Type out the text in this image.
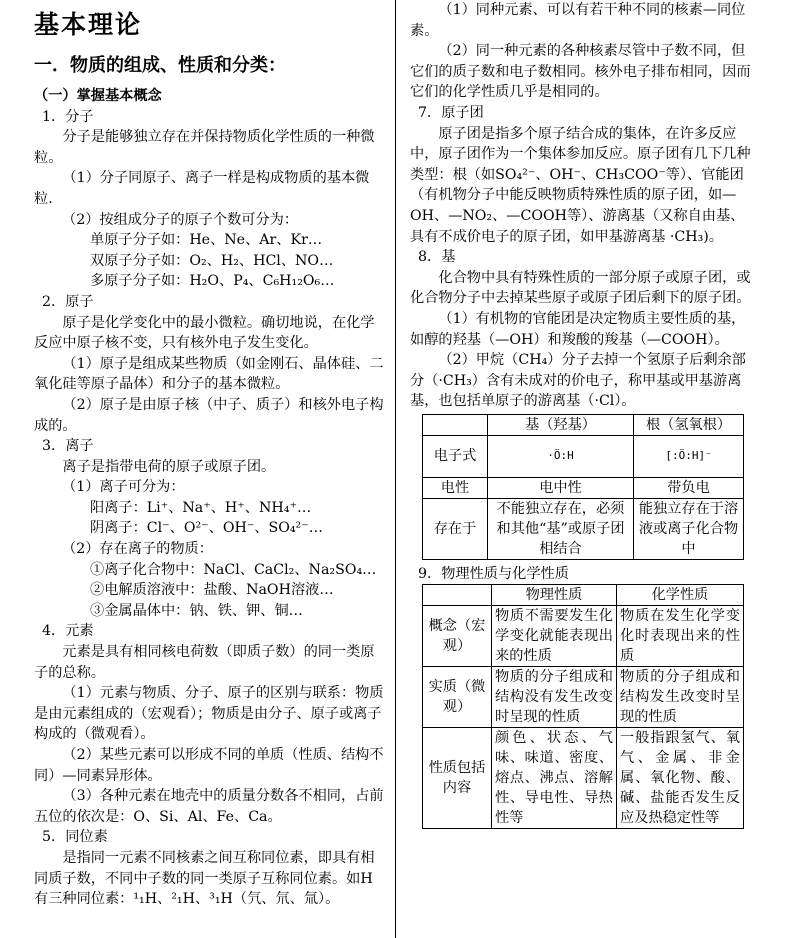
基本理论
一．物质的组成、性质和分类：

（一）掌握基本概念

1．分子

分子是能够独立存在并保持物质化学性质的一种微粒。

（1）分子同原子、离子一样是构成物质的基本微粒.

（2）按组成分子的原子个数可分为：

单原子分子如：He、Ne、Ar、Kr…

双原子分子如：O₂、H₂、HCl、NO…

多原子分子如：H₂O、P₄、C₆H₁₂O₆…

2．原子

原子是化学变化中的最小微粒。确切地说，在化学反应中原子核不变，只有核外电子发生变化。

（1）原子是组成某些物质（如金刚石、晶体硅、二氧化硅等原子晶体）和分子的基本微粒。

（2）原子是由原子核（中子、质子）和核外电子构成的。

3．离子

离子是指带电荷的原子或原子团。

（1）离子可分为：

阳离子：Li⁺、Na⁺、H⁺、NH₄⁺…

阴离子：Cl⁻、O²⁻、OH⁻、SO₄²⁻…

（2）存在离子的物质：

①离子化合物中：NaCl、CaCl₂、Na₂SO₄…

②电解质溶液中：盐酸、NaOH溶液…

③金属晶体中：钠、铁、钾、铜…

4．元素

元素是具有相同核电荷数（即质子数）的同一类原子的总称。

（1）元素与物质、分子、原子的区别与联系：物质是由元素组成的（宏观看）；物质是由分子、原子或离子构成的（微观看）。

（2）某些元素可以形成不同的单质（性质、结构不同）—同素异形体。

（3）各种元素在地壳中的质量分数各不相同，占前五位的依次是：O、Si、Al、Fe、Ca。

5．同位素

是指同一元素不同核素之间互称同位素，即具有相同质子数，不同中子数的同一类原子互称同位素。如H有三种同位素：¹₁H、²₁H、³₁H（氕、氘、氚）。

（1）同种元素、可以有若干种不同的核素—同位素。

（2）同一种元素的各种核素尽管中子数不同，但它们的质子数和电子数相同。核外电子排布相同，因而它们的化学性质几乎是相同的。

7．原子团

原子团是指多个原子结合成的集体，在许多反应中，原子团作为一个集体参加反应。原子团有几下几种类型：根（如SO₄²⁻、OH⁻、CH₃COO⁻等）、官能团（有机物分子中能反映物质特殊性质的原子团，如—OH、—NO₂、—COOH等）、游离基（又称自由基、具有不成价电子的原子团，如甲基游离基 ·CH₃)。

8．基

化合物中具有特殊性质的一部分原子或原子团，或化合物分子中去掉某些原子或原子团后剩下的原子团。

（1）有机物的官能团是决定物质主要性质的基，如醇的羟基（—OH）和羧酸的羧基（—COOH）。

（2）甲烷（CH₄）分子去掉一个氢原子后剩余部分（·CH₃）含有未成对的价电子，称甲基或甲基游离基，也包括单原子的游离基（·Cl）。

	基（羟基）	根（氢氧根）
电子式	·Ö:H	[:Ö:H]⁻
电性	电中性	带负电
存在于	不能独立存在，必须和其他“基”或原子团相结合	能独立存在于溶液或离子化合物中

9．物理性质与化学性质

	物理性质	化学性质
概念（宏观）	物质不需要发生化学变化就能表现出来的性质	物质在发生化学变化时表现出来的性质
实质（微观）	物质的分子组成和结构没有发生改变时呈现的性质	物质的分子组成和结构发生改变时呈现的性质
性质包括内容	颜色、状态、气味、味道、密度、熔点、沸点、溶解性、导电性、导热性等	一般指跟氢气、氧气、金属、非金属、氧化物、酸、碱、盐能否发生反应及热稳定性等
